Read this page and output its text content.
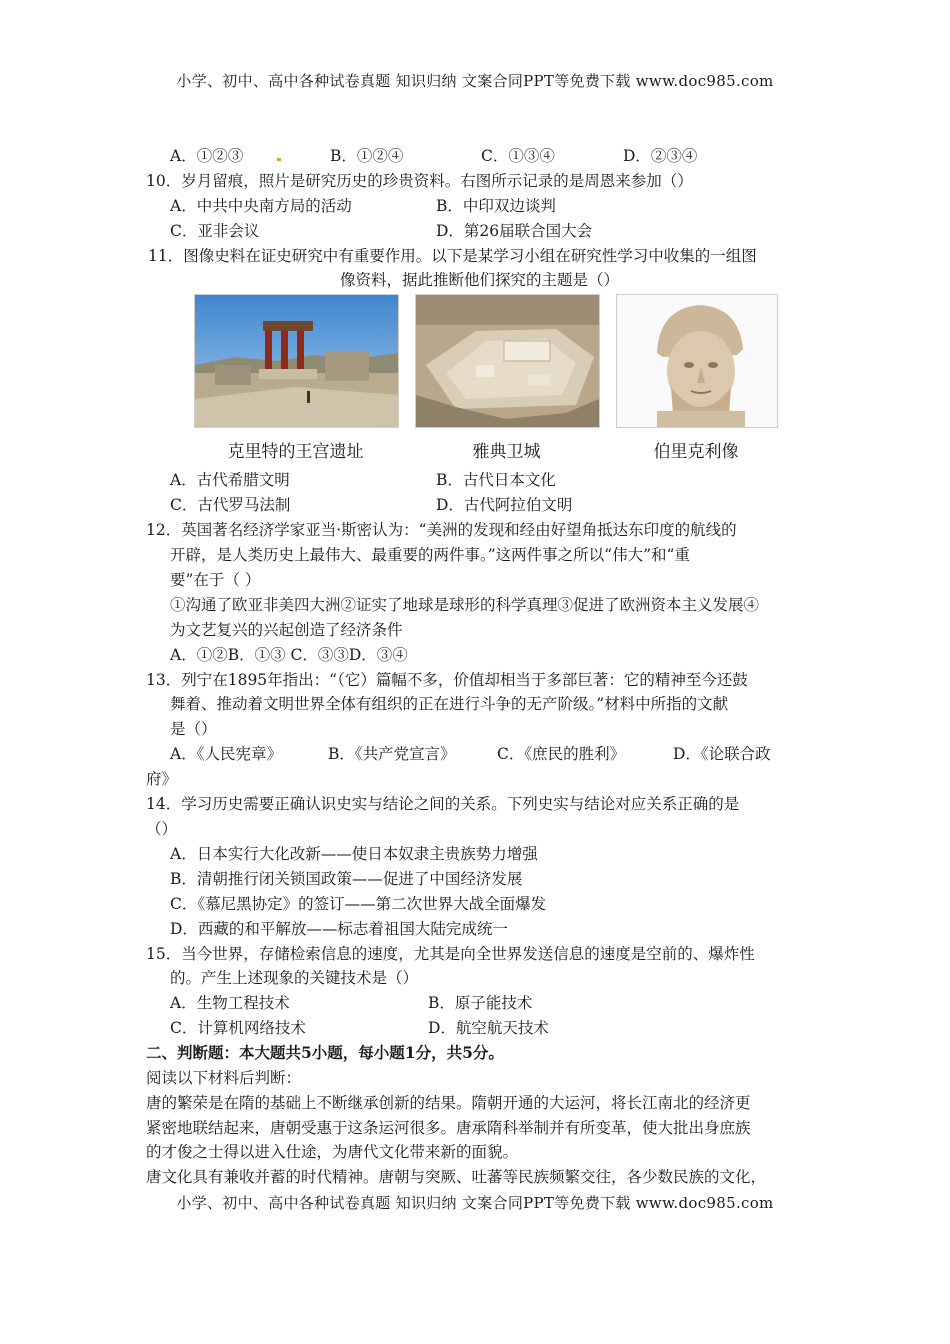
小学、初中、高中各种试卷真题 知识归纳 文案合同PPT等免费下载 www.doc985.com
A．①②③	B．①②④	C．①③④	D．②③④
10．岁月留痕，照片是研究历史的珍贵资料。右图所示记录的是周恩来参加（）
A．中共中央南方局的活动	B．中印双边谈判
C．亚非会议	D．第26届联合国大会
11．图像史料在证史研究中有重要作用。以下是某学习小组在研究性学习中收集的一组图
像资料，据此推断他们探究的主题是（）
克里特的王宫遗址	雅典卫城	伯里克利像
A．古代希腊文明	B．古代日本文化
C．古代罗马法制	D．古代阿拉伯文明
12．英国著名经济学家亚当·斯密认为：“美洲的发现和经由好望角抵达东印度的航线的
开辟，是人类历史上最伟大、最重要的两件事。”这两件事之所以“伟大”和“重
要”在于（ ）
①沟通了欧亚非美四大洲②证实了地球是球形的科学真理③促进了欧洲资本主义发展④
为文艺复兴的兴起创造了经济条件
A．①②B．①③ C．③③D．③④
13．列宁在1895年指出：“（它）篇幅不多，价值却相当于多部巨著：它的精神至今还鼓
舞着、推动着文明世界全体有组织的正在进行斗争的无产阶级。”材料中所指的文献
是（）
A．《人民宪章》	B．《共产党宣言》	C．《庶民的胜利》	D．《论联合政
府》
14．学习历史需要正确认识史实与结论之间的关系。下列史实与结论对应关系正确的是
（）
A．日本实行大化改新——使日本奴隶主贵族势力增强
B．清朝推行闭关锁国政策——促进了中国经济发展
C．《慕尼黑协定》的签订——第二次世界大战全面爆发
D．西藏的和平解放——标志着祖国大陆完成统一
15．当今世界，存储检索信息的速度，尤其是向全世界发送信息的速度是空前的、爆炸性
的。产生上述现象的关键技术是（）
A．生物工程技术	B．原子能技术
C．计算机网络技术	D．航空航天技术
二、判断题：本大题共5小题，每小题1分，共5分。
阅读以下材料后判断：
唐的繁荣是在隋的基础上不断继承创新的结果。隋朝开通的大运河，将长江南北的经济更
紧密地联结起来，唐朝受惠于这条运河很多。唐承隋科举制并有所变革，使大批出身庶族
的才俊之士得以进入仕途，为唐代文化带来新的面貌。
唐文化具有兼收并蓄的时代精神。唐朝与突厥、吐蕃等民族频繁交往，各少数民族的文化，
小学、初中、高中各种试卷真题 知识归纳 文案合同PPT等免费下载 www.doc985.com
